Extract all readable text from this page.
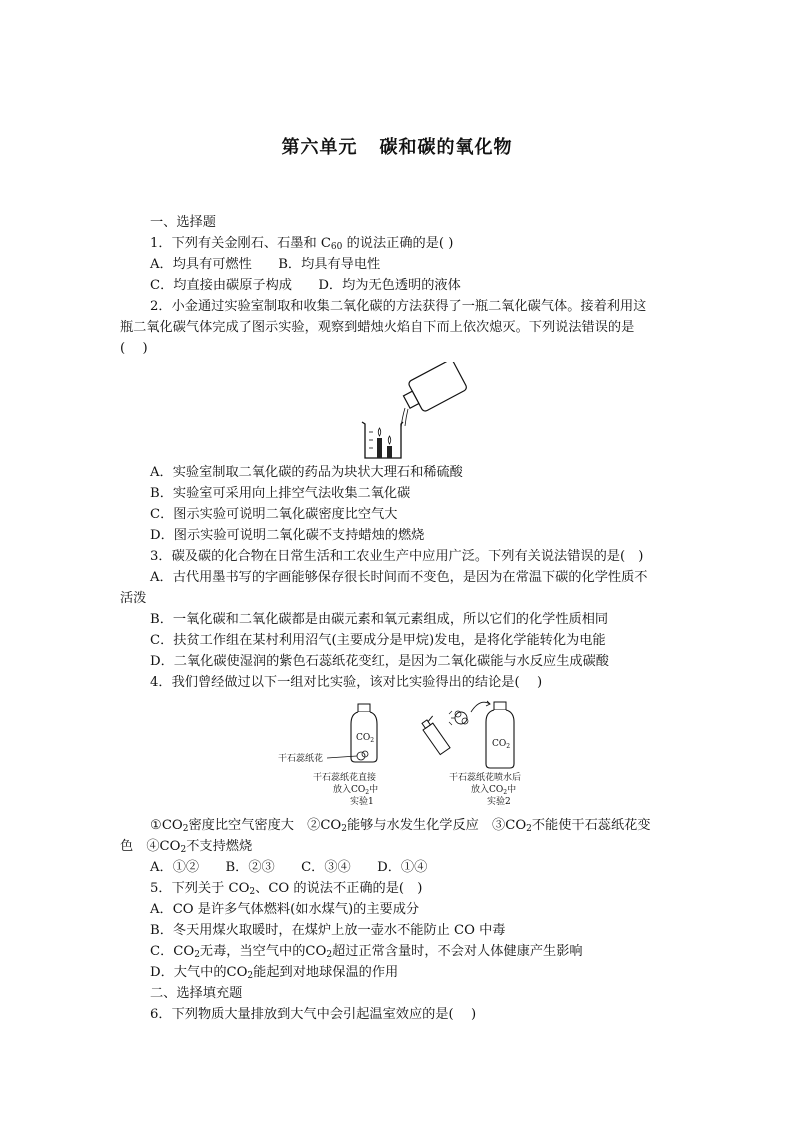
第六单元 碳和碳的氧化物
一、选择题
1．下列有关金刚石、石墨和 $C_{60}$ 的说法正确的是( )
A．均具有可燃性　　B．均具有导电性
C．均直接由碳原子构成　　D．均为无色透明的液体
2．小金通过实验室制取和收集二氧化碳的方法获得了一瓶二氧化碳气体。接着利用这
瓶二氧化碳气体完成了图示实验，观察到蜡烛火焰自下而上依次熄灭。下列说法错误的是
(　 )
A．实验室制取二氧化碳的药品为块状大理石和稀硫酸
B．实验室可采用向上排空气法收集二氧化碳
C．图示实验可说明二氧化碳密度比空气大
D．图示实验可说明二氧化碳不支持蜡烛的燃烧
3．碳及碳的化合物在日常生活和工农业生产中应用广泛。下列有关说法错误的是(　)
A．古代用墨书写的字画能够保存很长时间而不变色，是因为在常温下碳的化学性质不
活泼
B．一氧化碳和二氧化碳都是由碳元素和氧元素组成，所以它们的化学性质相同
C．扶贫工作组在某村利用沼气(主要成分是甲烷)发电，是将化学能转化为电能
D．二氧化碳使湿润的紫色石蕊纸花变红，是因为二氧化碳能与水反应生成碳酸
4．我们曾经做过以下一组对比实验，该对比实验得出的结论是(　 )
$CO_2$
干石蕊纸花
干石蕊纸花直接
放入$CO_2$中
实验1
$CO_2$
干石蕊纸花喷水后
放入$CO_2$中
实验2
$①CO_2$密度比空气密度大　$②CO_2$能够与水发生化学反应　$③CO_2$不能使干石蕊纸花变
色　$④CO_2$不支持燃烧
A．①②　　B．②③　　C．③④　　D．①④
5．下列关于 $CO_2$、CO 的说法不正确的是(　)
A．CO 是许多气体燃料(如水煤气)的主要成分
B．冬天用煤火取暖时，在煤炉上放一壶水不能防止 CO 中毒
C．$CO_2$无毒，当空气中的$CO_2$超过正常含量时，不会对人体健康产生影响
D．大气中的$CO_2$能起到对地球保温的作用
二、选择填充题
6．下列物质大量排放到大气中会引起温室效应的是(　 )
